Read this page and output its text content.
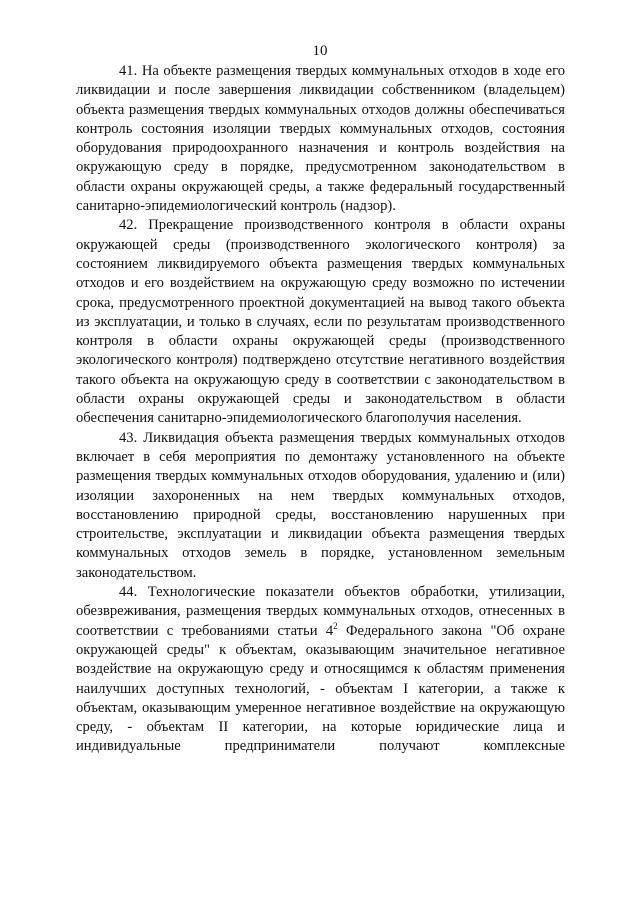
10

41. На объекте размещения твердых коммунальных отходов в ходе его ликвидации и после завершения ликвидации собственником (владельцем) объекта размещения твердых коммунальных отходов должны обеспечиваться контроль состояния изоляции твердых коммунальных отходов, состояния оборудования природоохранного назначения и контроль воздействия на окружающую среду в порядке, предусмотренном законодательством в области охраны окружающей среды, а также федеральный государственный санитарно-эпидемиологический контроль (надзор).

42. Прекращение производственного контроля в области охраны окружающей среды (производственного экологического контроля) за состоянием ликвидируемого объекта размещения твердых коммунальных отходов и его воздействием на окружающую среду возможно по истечении срока, предусмотренного проектной документацией на вывод такого объекта из эксплуатации, и только в случаях, если по результатам производственного контроля в области охраны окружающей среды (производственного экологического контроля) подтверждено отсутствие негативного воздействия такого объекта на окружающую среду в соответствии с законодательством в области охраны окружающей среды и законодательством в области обеспечения санитарно-эпидемиологического благополучия населения.

43. Ликвидация объекта размещения твердых коммунальных отходов включает в себя мероприятия по демонтажу установленного на объекте размещения твердых коммунальных отходов оборудования, удалению и (или) изоляции захороненных на нем твердых коммунальных отходов, восстановлению природной среды, восстановлению нарушенных при строительстве, эксплуатации и ликвидации объекта размещения твердых коммунальных отходов земель в порядке, установленном земельным законодательством.

44. Технологические показатели объектов обработки, утилизации, обезвреживания, размещения твердых коммунальных отходов, отнесенных в соответствии с требованиями статьи $4^2$ Федерального закона "Об охране окружающей среды" к объектам, оказывающим значительное негативное воздействие на окружающую среду и относящимся к областям применения наилучших доступных технологий, - объектам I категории, а также к объектам, оказывающим умеренное негативное воздействие на окружающую среду, - объектам II категории, на которые юридические лица и индивидуальные предприниматели получают комплексные
